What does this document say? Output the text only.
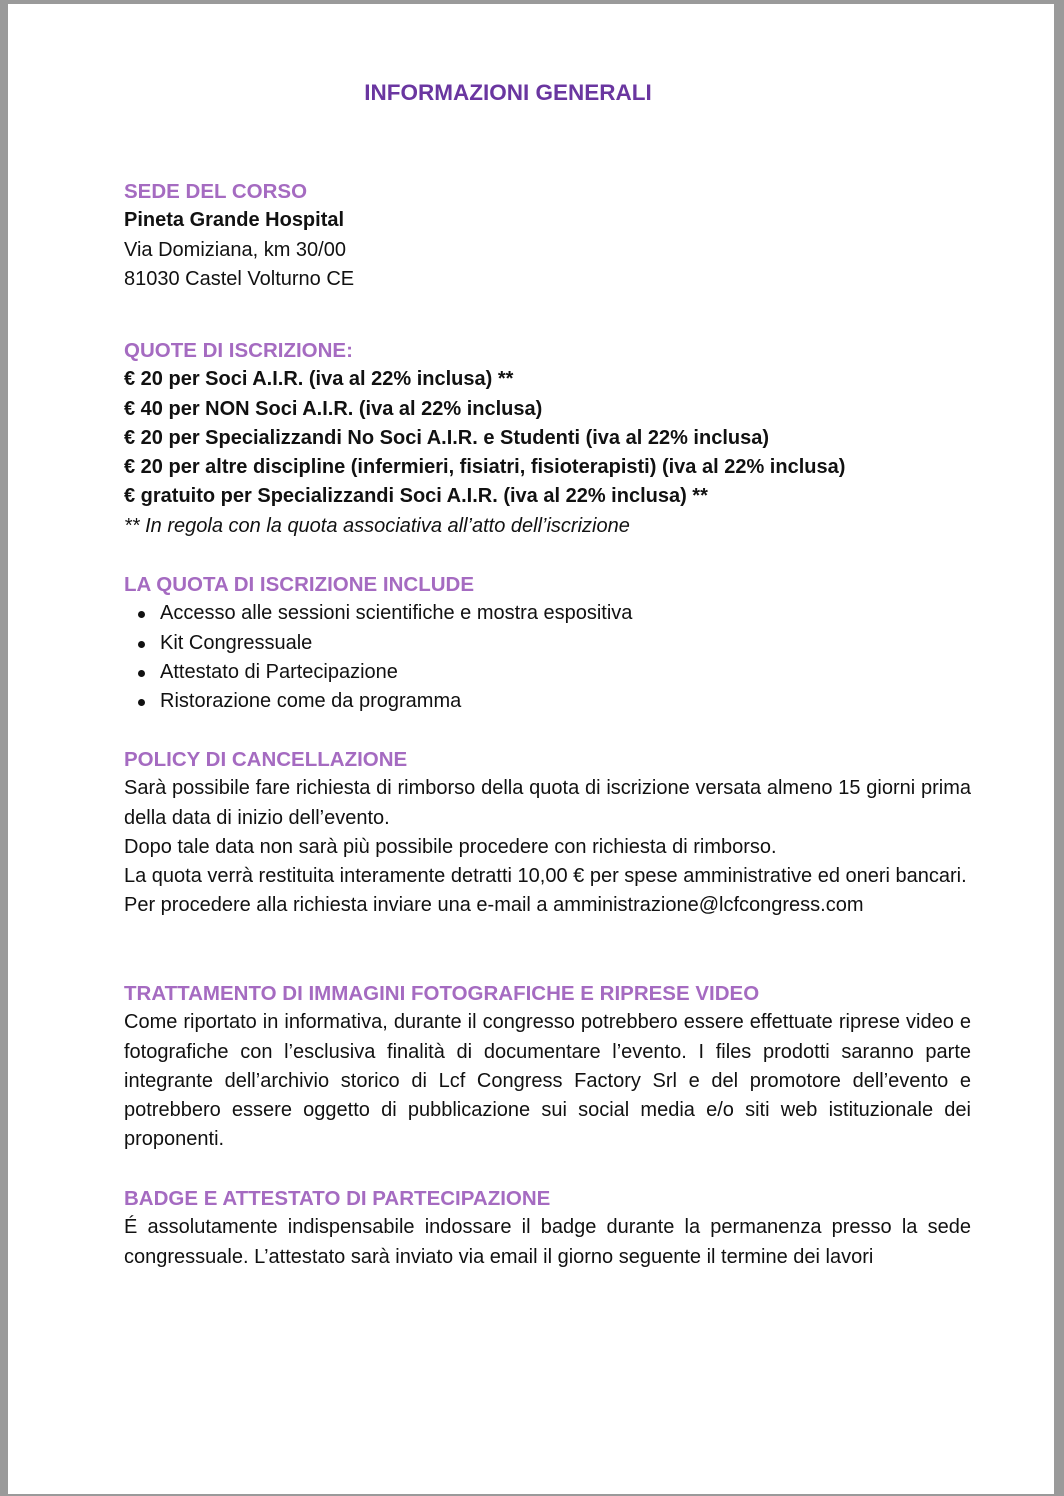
INFORMAZIONI GENERALI
SEDE DEL CORSO
Pineta Grande Hospital
Via Domiziana, km 30/00
81030 Castel Volturno CE
QUOTE DI ISCRIZIONE:
€ 20 per Soci A.I.R. (iva al 22% inclusa) **
€ 40 per NON Soci A.I.R. (iva al 22% inclusa)
€ 20 per Specializzandi No Soci A.I.R. e Studenti (iva al 22% inclusa)
€ 20 per altre discipline (infermieri, fisiatri, fisioterapisti) (iva al 22% inclusa)
€ gratuito per Specializzandi Soci A.I.R. (iva al 22% inclusa) **
** In regola con la quota associativa all’atto dell’iscrizione
LA QUOTA DI ISCRIZIONE INCLUDE
Accesso alle sessioni scientifiche e mostra espositiva
Kit Congressuale
Attestato di Partecipazione
Ristorazione come da programma
POLICY DI CANCELLAZIONE
Sarà possibile fare richiesta di rimborso della quota di iscrizione versata almeno 15 giorni prima della data di inizio dell’evento.
Dopo tale data non sarà più possibile procedere con richiesta di rimborso.
La quota verrà restituita interamente detratti 10,00 € per spese amministrative ed oneri bancari.
Per procedere alla richiesta inviare una e-mail a amministrazione@lcfcongress.com
TRATTAMENTO DI IMMAGINI FOTOGRAFICHE E RIPRESE VIDEO
Come riportato in informativa, durante il congresso potrebbero essere effettuate riprese video e fotografiche con l’esclusiva finalità di documentare l’evento. I files prodotti saranno parte integrante dell’archivio storico di Lcf Congress Factory Srl e del promotore dell’evento e potrebbero essere oggetto di pubblicazione sui social media e/o siti web istituzionale dei proponenti.
BADGE E ATTESTATO DI PARTECIPAZIONE
É assolutamente indispensabile indossare il badge durante la permanenza presso la sede congressuale. L’attestato sarà inviato via email il giorno seguente il termine dei lavori
